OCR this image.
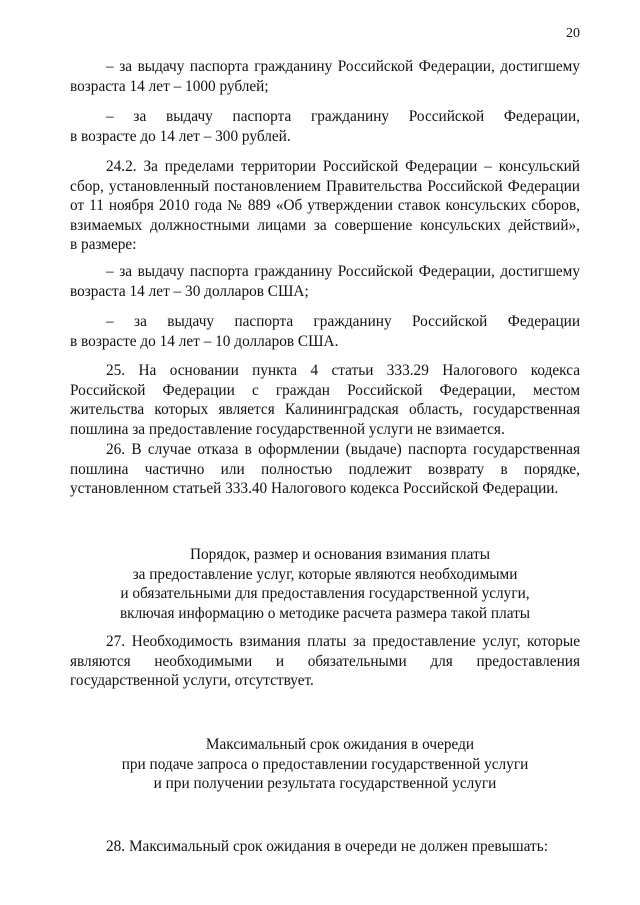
20
– за выдачу паспорта гражданину Российской Федерации, достигшему
возраста 14 лет – 1000 рублей;
– за выдачу паспорта гражданину Российской Федерации,
в возрасте до 14 лет – 300 рублей.
24.2. За пределами территории Российской Федерации – консульский
сбор, установленный постановлением Правительства Российской Федерации
от 11 ноября 2010 года № 889 «Об утверждении ставок консульских сборов,
взимаемых должностными лицами за совершение консульских действий»,
в размере:
– за выдачу паспорта гражданину Российской Федерации, достигшему
возраста 14 лет – 30 долларов США;
– за выдачу паспорта гражданину Российской Федерации
в возрасте до 14 лет – 10 долларов США.
25. На основании пункта 4 статьи 333.29 Налогового кодекса
Российской Федерации с граждан Российской Федерации, местом
жительства которых является Калининградская область, государственная
пошлина за предоставление государственной услуги не взимается.
26. В случае отказа в оформлении (выдаче) паспорта государственная
пошлина частично или полностью подлежит возврату в порядке,
установленном статьей 333.40 Налогового кодекса Российской Федерации.
Порядок, размер и основания взимания платы
за предоставление услуг, которые являются необходимыми
и обязательными для предоставления государственной услуги,
включая информацию о методике расчета размера такой платы
27. Необходимость взимания платы за предоставление услуг, которые
являются необходимыми и обязательными для предоставления
государственной услуги, отсутствует.
Максимальный срок ожидания в очереди
при подаче запроса о предоставлении государственной услуги
и при получении результата государственной услуги
28. Максимальный срок ожидания в очереди не должен превышать:
